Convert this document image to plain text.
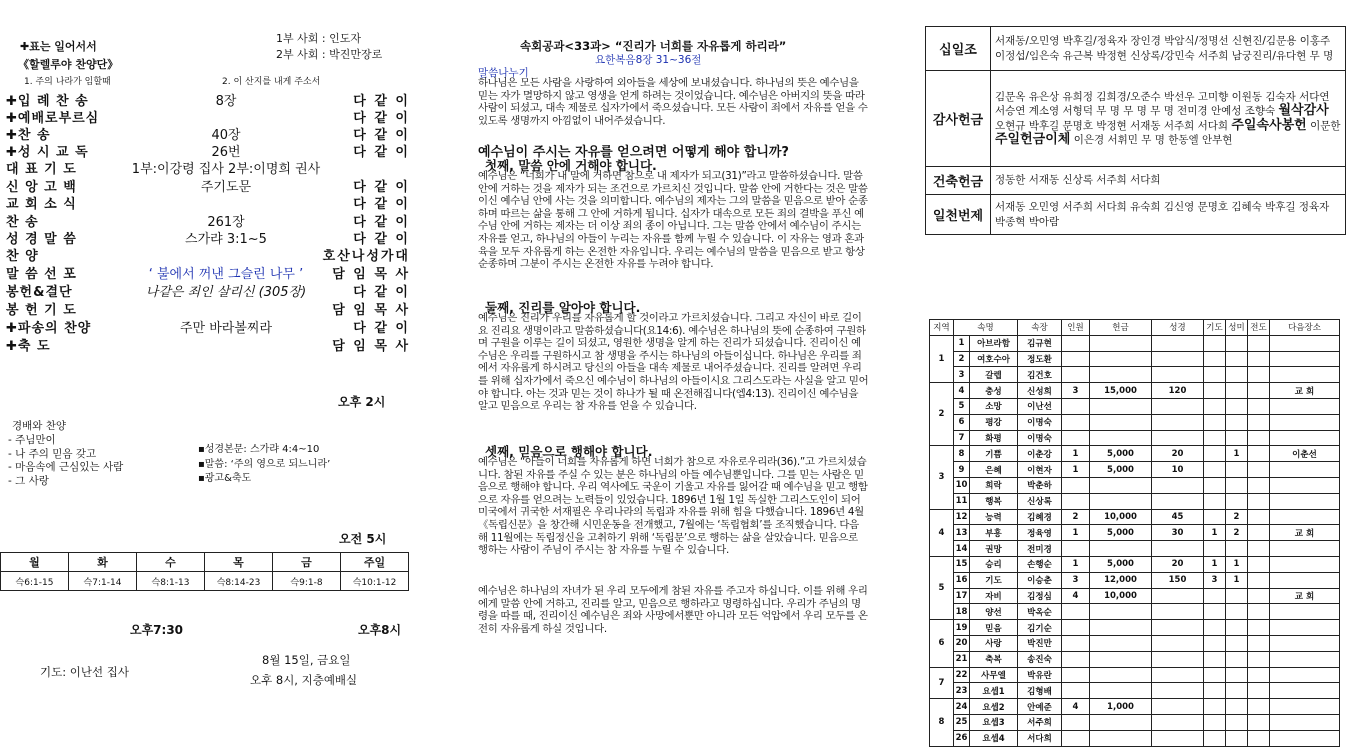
✚표는 일어서서
《할렐루야 찬양단》
1. 주의 나라가 임할때	2. 이 산지를 내게 주소서
1부 사회 : 인도자
2부 사회 : 박진만장로
✚입 례 찬 송	8장	다 같 이
✚예배로부르심	다 같 이
✚찬 송	40장	다 같 이
✚성 시 교 독	26번	다 같 이
대 표 기 도	1부:이강령 집사 2부:이명희 권사
신 앙 고 백	주기도문	다 같 이
교 회 소 식	다 같 이
찬 송	261장	다 같 이
성 경 말 씀	스가랴 3:1~5	다 같 이
찬 양	호산나성가대
말 씀 선 포	‘ 불에서 꺼낸 그슬린 나무 ’	담 임 목 사
봉헌&결단	나같은 죄인 살리신 (305장)	다 같 이
봉 헌 기 도	담 임 목 사
✚파송의 찬양	주만 바라볼찌라	다 같 이
✚축 도	담 임 목 사
오후 2시
경배와 찬양
- 주님만이
- 나 주의 믿음 갖고
- 마음속에 근심있는 사람
- 그 사랑
▪성경본문: 스가랴 4:4~10
▪말씀: ‘주의 영으로 되느니라’
▪광고&축도
오전 5시
월	화	수	목	금	주일
슥6:1-15	슥7:1-14	슥8:1-13	슥8:14-23	슥9:1-8	슥10:1-12
오후7:30	오후8시
기도: 이난선 집사
8월 15일, 금요일
오후 8시, 지층예배실
속회공과<33과> “진리가 너희를 자유롭게 하리라”
요한복음8장 31~36절
말씀나누기
하나님은 모든 사람을 사랑하여 외아들을 세상에 보내셨습니다. 하나님의 뜻은 예수님을 믿는 자가 멸망하지 않고 영생을 얻게 하려는 것이었습니다. 예수님은 아버지의 뜻을 따라 사람이 되셨고, 대속 제물로 십자가에서 죽으셨습니다. 모든 사람이 죄에서 자유를 얻을 수 있도록 생명까지 아낌없이 내어주셨습니다.
예수님이 주시는 자유를 얻으려면 어떻게 해야 합니까?
첫째, 말씀 안에 거해야 합니다.
예수님은 “너희가 내 말에 거하면 참으로 내 제자가 되고(31)”라고 말씀하셨습니다. 말씀 안에 거하는 것을 제자가 되는 조건으로 가르치신 것입니다. 말씀 안에 거한다는 것은 말씀이신 예수님 안에 사는 것을 의미합니다. 예수님의 제자는 그의 말씀을 믿음으로 받아 순종하며 따르는 삶을 통해 그 안에 거하게 됩니다. 십자가 대속으로 모든 죄의 결박을 푸신 예수님 안에 거하는 제자는 더 이상 죄의 종이 아닙니다. 그는 말씀 안에서 예수님이 주시는 자유를 얻고, 하나님의 아들이 누리는 자유를 함께 누릴 수 있습니다. 이 자유는 영과 혼과 육을 모두 자유롭게 하는 온전한 자유입니다. 우리는 예수님의 말씀을 믿음으로 받고 항상 순종하며 그분이 주시는 온전한 자유를 누려야 합니다.
둘째, 진리를 알아야 합니다.
예수님은 진리가 우리를 자유롭게 할 것이라고 가르치셨습니다. 그리고 자신이 바로 길이요 진리요 생명이라고 말씀하셨습니다(요14:6). 예수님은 하나님의 뜻에 순종하여 구원하며 구원을 이루는 길이 되셨고, 영원한 생명을 알게 하는 진리가 되셨습니다. 진리이신 예수님은 우리를 구원하시고 참 생명을 주시는 하나님의 아들이십니다. 하나님은 우리를 죄에서 자유롭게 하시려고 당신의 아들을 대속 제물로 내어주셨습니다. 진리를 알려면 우리를 위해 십자가에서 죽으신 예수님이 하나님의 아들이시요 그리스도라는 사실을 알고 믿어야 합니다. 아는 것과 믿는 것이 하나가 될 때 온전해집니다(엡4:13). 진리이신 예수님을 알고 믿음으로 우리는 참 자유를 얻을 수 있습니다.
셋째, 믿음으로 행해야 합니다.
예수님은 “아들이 너희를 자유롭게 하면 너희가 참으로 자유로우리라(36).”고 가르치셨습니다. 참된 자유를 주실 수 있는 분은 하나님의 아들 예수님뿐입니다. 그를 믿는 사람은 믿음으로 행해야 합니다. 우리 역사에도 국운이 기울고 자유를 잃어갈 때 예수님을 믿고 행함으로 자유를 얻으려는 노력들이 있었습니다. 1896년 1월 1일 독실한 그리스도인이 되어 미국에서 귀국한 서재필은 우리나라의 독립과 자유를 위해 힘을 다했습니다. 1896년 4월 《독립신문》을 창간해 시민운동을 전개했고, 7월에는 ‘독립협회’를 조직했습니다. 다음 해 11월에는 독립정신을 고취하기 위해 ‘독립문’으로 행하는 삶을 살았습니다. 믿음으로 행하는 사람이 주님이 주시는 참 자유를 누릴 수 있습니다.
예수님은 하나님의 자녀가 된 우리 모두에게 참된 자유를 주고자 하십니다. 이를 위해 우리에게 말씀 안에 거하고, 진리를 알고, 믿음으로 행하라고 명령하십니다. 우리가 주님의 명령을 따를 때, 진리이신 예수님은 죄와 사망에서뿐만 아니라 모든 억압에서 우리 모두를 온전히 자유롭게 하실 것입니다.
십일조	서재동/오민영 박후길/정육자 장인경 박암식/정명선 신현진/김문용 이홍주 이정섭/임은숙 유근복 박정현 신상록/강민숙 서주희 남궁진리/유다현 무 명
감사헌금	김문옥 유은상 유희정 김희경/오준수 박선우 고미향 이원동 김숙자 서다연 서승연 계소영 서형덕 무 명 무 명 무 명 전미경 안예성 조향숙 월삭감사 오현규 박후길 문명호 박정현 서재동 서주희 서다희 주일속사봉헌 이문한 주일헌금이체 이은경 서휘민 무 명 한동엘 안부현
건축헌금	정동한 서재동 신상록 서주희 서다희
일천번제	서재동 오민영 서주희 서다희 유숙희 김신영 문명호 김혜숙 박후길 정육자 박종혁 박아람
지역	속명		속장	인원	헌금	성경	기도	성미	전도	다음장소
1	1	아브라함	김규현							
	2	여호수아	정도환							
	3	갈렙	김건호							
2	4	충성	신성희	3	15,000	120				교 회
	5	소망	이난선							
	6	평강	이명숙							
	7	화평	이명숙							
3	8	기쁨	이춘강	1	5,000	20		1		이춘선
	9	은혜	이현자	1	5,000	10				
	10	희락	박춘하							
	11	행복	신상록							
4	12	능력	김혜경	2	10,000	45		2		
	13	부흥	정육영	1	5,000	30	1	2		교 회
	14	권망	전미경							
5	15	승리	손행순	1	5,000	20	1	1		
	16	기도	이승춘	3	12,000	150	3	1		
	17	자비	김정심	4	10,000					교 회
	18	양선	박옥순							
6	19	믿음	김기순							
	20	사랑	박진만							
	21	축복	송진숙							
7	22	사무엘	박유란							
	23	요셉1	김형배							
8	24	요셉2	안예준	4	1,000					
	25	요셉3	서주희							
	26	요셉4	서다희							
